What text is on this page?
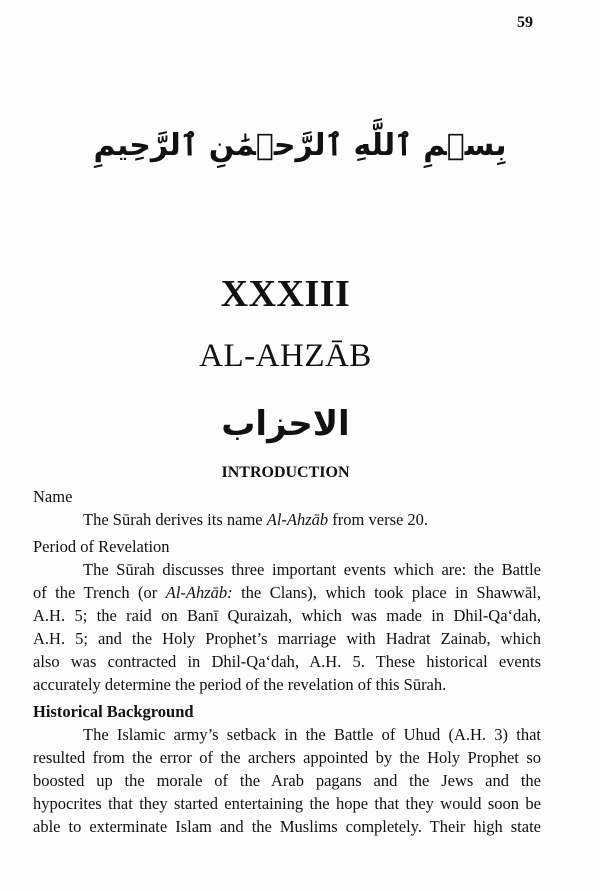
59
بِسۡمِ ٱللَّهِ ٱلرَّحۡمَٰنِ ٱلرَّحِيمِ
XXXIII
AL-AHZĀB
الاحزاب
INTRODUCTION
Name
The Sūrah derives its name Al-Ahzāb from verse 20.
Period of Revelation
The Sūrah discusses three important events which are: the Battle
of the Trench (or Al-Ahzāb: the Clans), which took place in Shawwāl,
A.H. 5; the raid on Banī Quraizah, which was made in Dhil-Qa‘dah,
A.H. 5; and the Holy Prophet’s marriage with Hadrat Zainab, which
also was contracted in Dhil-Qa‘dah, A.H. 5. These historical events
accurately determine the period of the revelation of this Sūrah.
Historical Background
The Islamic army’s setback in the Battle of Uhud (A.H. 3) that
resulted from the error of the archers appointed by the Holy Prophet so
boosted up the morale of the Arab pagans and the Jews and the
hypocrites that they started entertaining the hope that they would soon be
able to exterminate Islam and the Muslims completely. Their high state
